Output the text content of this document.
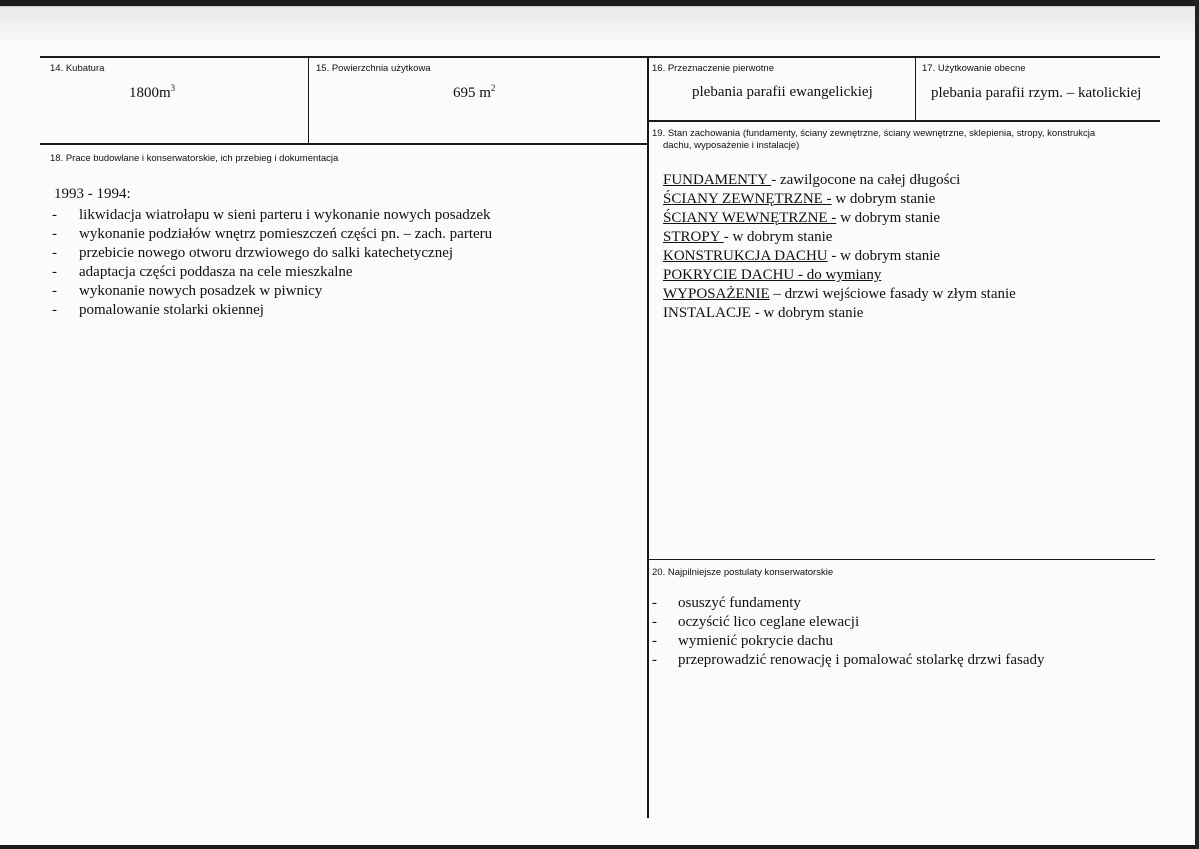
14. Kubatura
$1800m^3$
15. Powierzchnia użytkowa
695 $m^2$
16. Przeznaczenie pierwotne
plebania parafii ewangelickiej
17. Użytkowanie obecne
plebania parafii rzym. – katolickiej
18. Prace budowlane i konserwatorskie, ich przebieg i dokumentacja
1993 - 1994:
- likwidacja wiatrołapu w sieni parteru i wykonanie nowych posadzek
- wykonanie podziałów wnętrz pomieszczeń części pn. – zach. parteru
- przebicie nowego otworu drzwiowego do salki katechetycznej
- adaptacja części poddasza na cele mieszkalne
- wykonanie nowych posadzek w piwnicy
- pomalowanie stolarki okiennej
19. Stan zachowania (fundamenty, ściany zewnętrzne, ściany wewnętrzne, sklepienia, stropy, konstrukcja
dachu, wyposażenie i instalacje)
FUNDAMENTY - zawilgocone na całej długości
ŚCIANY ZEWNĘTRZNE - w dobrym stanie
ŚCIANY WEWNĘTRZNE - w dobrym stanie
STROPY - w dobrym stanie
KONSTRUKCJA DACHU - w dobrym stanie
POKRYCIE DACHU - do wymiany
WYPOSAŻENIE – drzwi wejściowe fasady w złym stanie
INSTALACJE - w dobrym stanie
20. Najpilniejsze postulaty konserwatorskie
- osuszyć fundamenty
- oczyścić lico ceglane elewacji
- wymienić pokrycie dachu
- przeprowadzić renowację i pomalować stolarkę drzwi fasady
